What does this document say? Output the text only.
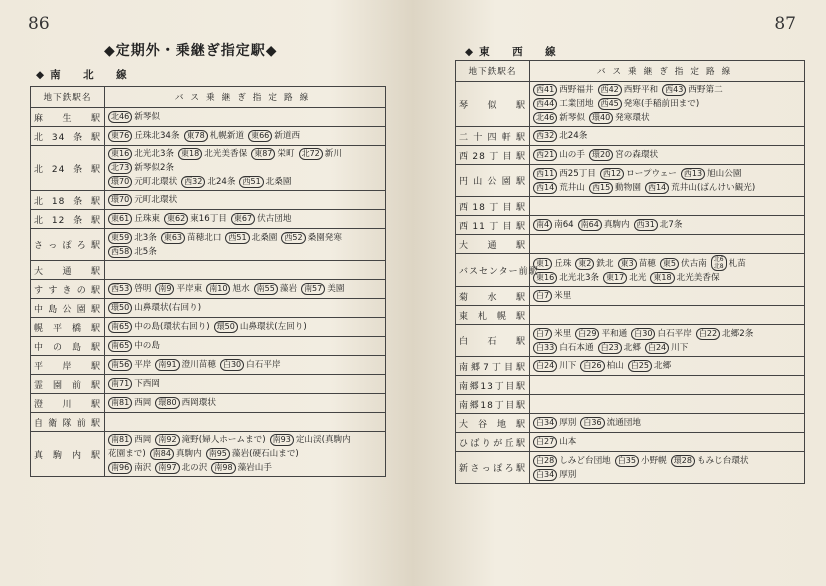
86
◆定期外・乗継ぎ指定駅◆
◆南　北　線
地下鉄駅名	バス乗継ぎ指定路線
麻生駅	北46 新琴似

北34条駅	東76 丘珠北34条 東78 札幌新道 東66 新道西

北24条駅	東16 北光北3条 東18 北光美香保 東87 栄町 北72 新川
北73 新琴似2条
環70 元町北環状 西32 北24条 西51 北桑園

北18条駅	環70 元町北環状

北12条駅	東61 丘珠東 東62 東16丁目 東67 伏古団地

さっぽろ駅	東59 北3条 東63 苗穂北口 西51 北桑園 西52 桑園発寒
西58 北5条

大通駅	
すすきの駅	西53 啓明 南9 平岸東 南10 旭水 南55 藻岩 南57 美園

中島公園駅	環50 山鼻環状(右回り)

幌平橋駅	南65 中の島(環状右回り) 環50 山鼻環状(左回り)

中の島駅	南65 中の島

平岸駅	南56 平岸 南91 澄川苗穂 白30 白石平岸

霊園前駅	南71 下西岡

澄川駅	南81 西岡 環80 西岡環状

自衛隊前駅	
真駒内駅	南81 西岡 南92 滝野(婦人ホームまで) 南93 定山渓(真駒内
花園まで) 南84 真駒内 南95 藻岩(硬石山まで)
南96 南沢 南97 北の沢 南98 藻岩山手
87
◆東　西　線
地下鉄駅名	バス乗継ぎ指定路線
琴似駅	西41 西野福井 西42 西野平和 西43 西野第二
西44 工業団地 西45 発寒(手稲前田まで)
北46 新琴似 環40 発寒環状

二十四軒駅	西32 北24条

西28丁目駅	西21 山の手 環20 宮の森環状

円山公園駅	西11 西25丁目 西12 ロープウェー 西13 旭山公園
西14 荒井山 西15 動物園 西14 荒井山(ばんけい観光)

西18丁目駅	
西11丁目駅	南4 南64 南64 真駒内 西31 北7条

大通駅	
バスセンター前駅	東1 丘珠 東2 鉄北 東3 苗穂 東5 伏古南 北6
北8 札苗
東16 北光北3条 東17 北光 東18 北光美香保

菊水駅	白7 米里

東札幌駅	
白石駅	白7 米里 白29 平和通 白30 白石平岸 白22 北郷2条
白33 白石本通 白23 北郷 白24 川下

南郷7丁目駅	白24 川下 白26 柏山 白25 北郷

南郷13丁目駅	
南郷18丁目駅	
大谷地駅	白34 厚別 白36 流通団地

ひばりが丘駅	白27 山本

新さっぽろ駅	白28 しみど台団地 白35 小野幌 環28 もみじ台環状
白34 厚別
